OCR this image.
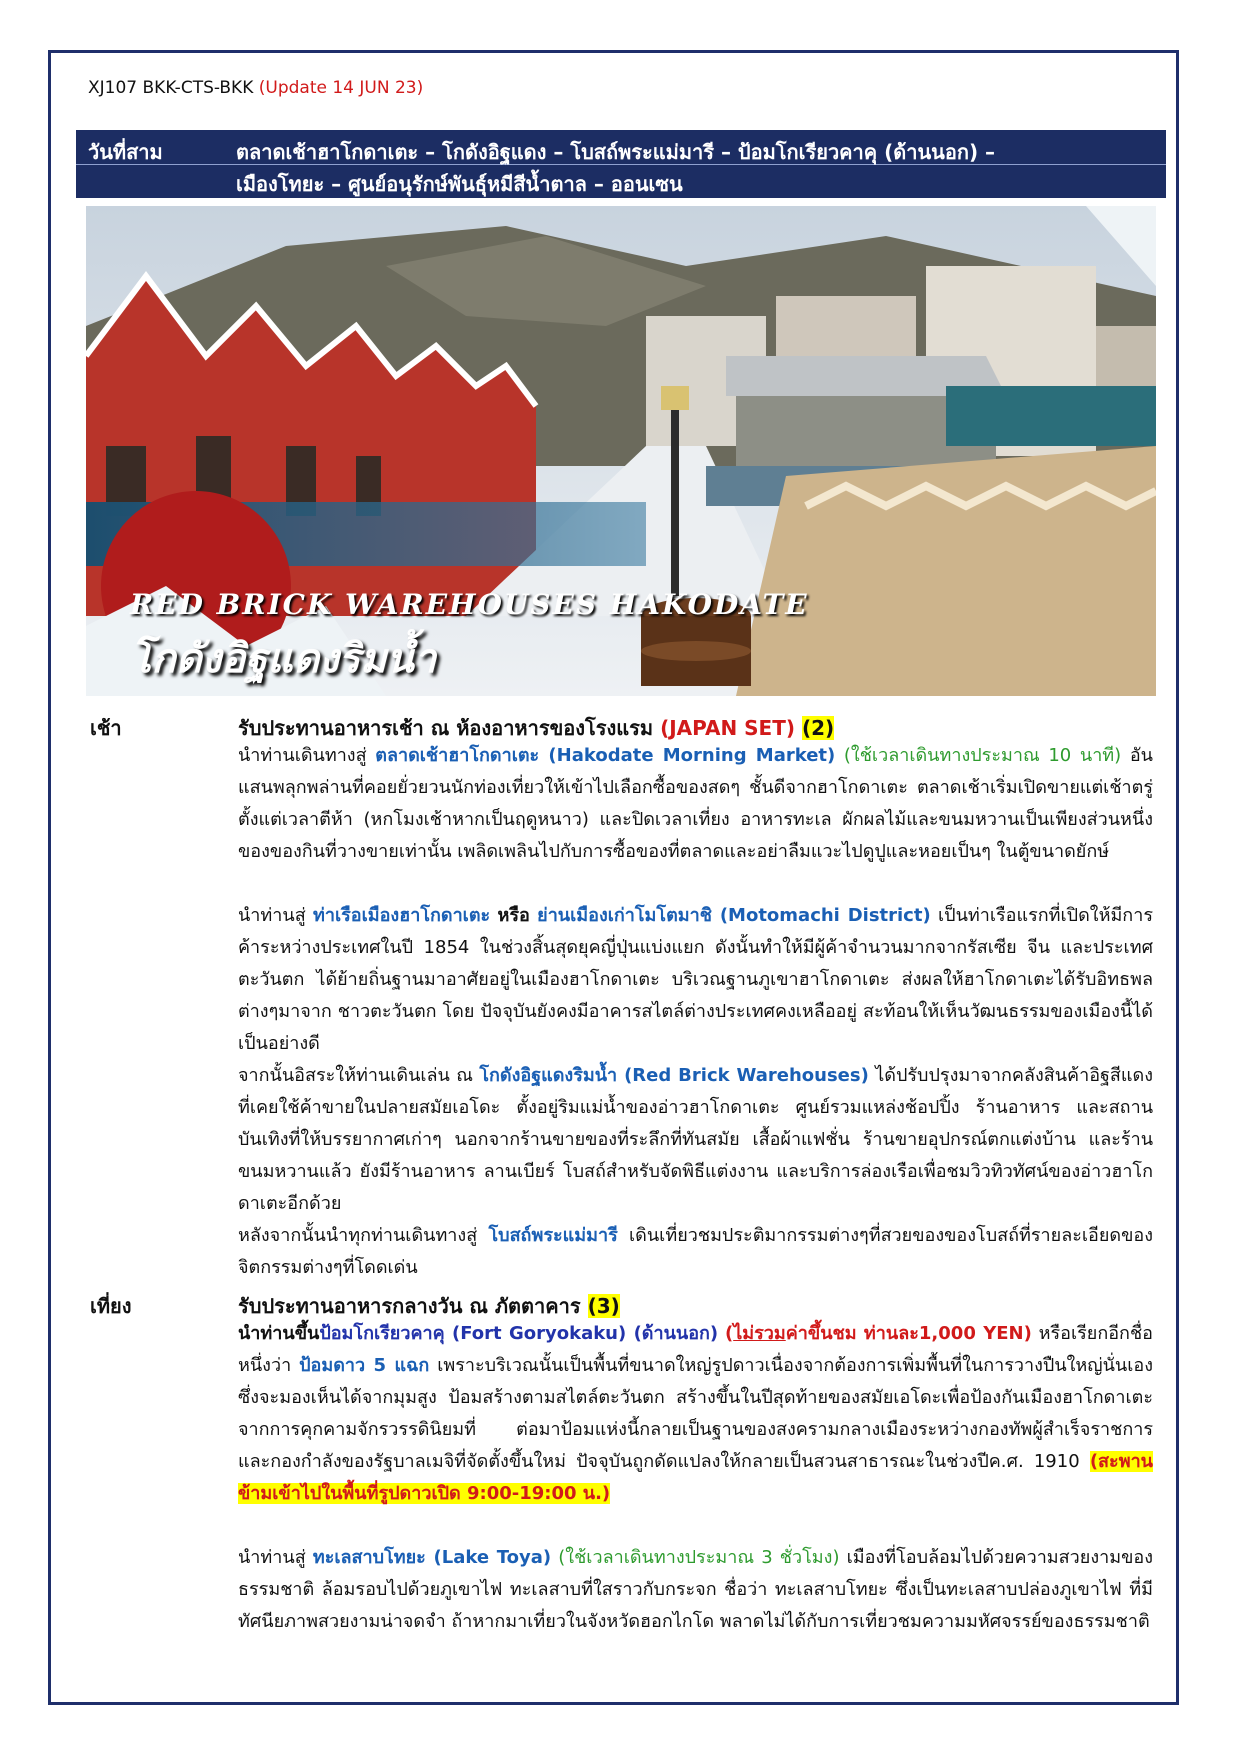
XJ107 BKK-CTS-BKK (Update 14 JUN 23)
วันที่สาม	ตลาดเช้าฮาโกดาเตะ – โกดังอิฐแดง – โบสถ์พระแม่มารี – ป้อมโกเรียวคาคุ (ด้านนอก) –
เมืองโทยะ – ศูนย์อนุรักษ์พันธุ์หมีสีน้ำตาล – ออนเซน
RED BRICK WAREHOUSES HAKODATE
โกดังอิฐแดงริมน้ำ
เช้า	รับประทานอาหารเช้า ณ ห้องอาหารของโรงแรม (JAPAN SET) (2)
นำท่านเดินทางสู่ ตลาดเช้าฮาโกดาเตะ (Hakodate Morning Market) (ใช้เวลาเดินทางประมาณ 10 นาที) อันแสนพลุกพล่านที่คอยยั่วยวนนักท่องเที่ยวให้เข้าไปเลือกซื้อของสดๆ ชั้นดีจากฮาโกดาเตะ ตลาดเช้าเริ่มเปิดขายแต่เช้าตรู่ตั้งแต่เวลาตีห้า (หกโมงเช้าหากเป็นฤดูหนาว) และปิดเวลาเที่ยง อาหารทะเล ผักผลไม้และขนมหวานเป็นเพียงส่วนหนึ่งของของกินที่วางขายเท่านั้น เพลิดเพลินไปกับการซื้อของที่ตลาดและอย่าลืมแวะไปดูปูและหอยเป็นๆ ในตู้ขนาดยักษ์
นำท่านสู่ ท่าเรือเมืองฮาโกดาเตะ หรือ ย่านเมืองเก่าโมโตมาชิ (Motomachi District) เป็นท่าเรือแรกที่เปิดให้มีการค้าระหว่างประเทศในปี 1854 ในช่วงสิ้นสุดยุคญี่ปุ่นแบ่งแยก ดังนั้นทำให้มีผู้ค้าจำนวนมากจากรัสเซีย จีน และประเทศตะวันตก ได้ย้ายถิ่นฐานมาอาศัยอยู่ในเมืองฮาโกดาเตะ บริเวณฐานภูเขาฮาโกดาเตะ ส่งผลให้ฮาโกดาเตะได้รับอิทธพลต่างๆมาจาก ชาวตะวันตก โดย ปัจจุบันยังคงมีอาคารสไตล์ต่างประเทศคงเหลืออยู่ สะท้อนให้เห็นวัฒนธรรมของเมืองนี้ได้เป็นอย่างดี
จากนั้นอิสระให้ท่านเดินเล่น ณ โกดังอิฐแดงริมน้ำ (Red Brick Warehouses) ได้ปรับปรุงมาจากคลังสินค้าอิฐสีแดงที่เคยใช้ค้าขายในปลายสมัยเอโดะ ตั้งอยู่ริมแม่น้ำของอ่าวฮาโกดาเตะ ศูนย์รวมแหล่งช้อปปิ้ง ร้านอาหาร และสถานบันเทิงที่ให้บรรยากาศเก่าๆ นอกจากร้านขายของที่ระลึกที่ทันสมัย เสื้อผ้าแฟชั่น ร้านขายอุปกรณ์ตกแต่งบ้าน และร้านขนมหวานแล้ว ยังมีร้านอาหาร ลานเบียร์ โบสถ์สำหรับจัดพิธีแต่งงาน และบริการล่องเรือเพื่อชมวิวทิวทัศน์ของอ่าวฮาโกดาเตะอีกด้วย
หลังจากนั้นนำทุกท่านเดินทางสู่ โบสถ์พระแม่มารี เดินเที่ยวชมประติมากรรมต่างๆที่สวยของของโบสถ์ที่รายละเอียดของจิตกรรมต่างๆที่โดดเด่น
เที่ยง	รับประทานอาหารกลางวัน ณ ภัตตาคาร (3)
นำท่านขึ้นป้อมโกเรียวคาคุ (Fort Goryokaku) (ด้านนอก) (ไม่รวมค่าขึ้นชม ท่านละ1,000 YEN) หรือเรียกอีกชื่อหนึ่งว่า ป้อมดาว 5 แฉก เพราะบริเวณนั้นเป็นพื้นที่ขนาดใหญ่รูปดาวเนื่องจากต้องการเพิ่มพื้นที่ในการวางปืนใหญ่นั่นเอง ซึ่งจะมองเห็นได้จากมุมสูง ป้อมสร้างตามสไตล์ตะวันตก สร้างขึ้นในปีสุดท้ายของสมัยเอโดะเพื่อป้องกันเมืองฮาโกดาเตะจากการคุกคามจักรวรรดินิยมที่ ต่อมาป้อมแห่งนี้กลายเป็นฐานของสงครามกลางเมืองระหว่างกองทัพผู้สำเร็จราชการ และกองกำลังของรัฐบาลเมจิที่จัดตั้งขึ้นใหม่ ปัจจุบันถูกดัดแปลงให้กลายเป็นสวนสาธารณะในช่วงปีค.ศ. 1910 (สะพานข้ามเข้าไปในพื้นที่รูปดาวเปิด 9:00-19:00 น.)
นำท่านสู่ ทะเลสาบโทยะ (Lake Toya) (ใช้เวลาเดินทางประมาณ 3 ชั่วโมง) เมืองที่โอบล้อมไปด้วยความสวยงามของธรรมชาติ ล้อมรอบไปด้วยภูเขาไฟ ทะเลสาบที่ใสราวกับกระจก ชื่อว่า ทะเลสาบโทยะ ซึ่งเป็นทะเลสาบปล่องภูเขาไฟ ที่มีทัศนียภาพสวยงามน่าจดจำ ถ้าหากมาเที่ยวในจังหวัดฮอกไกโด พลาดไม่ได้กับการเที่ยวชมความมหัศจรรย์ของธรรมชาติ
